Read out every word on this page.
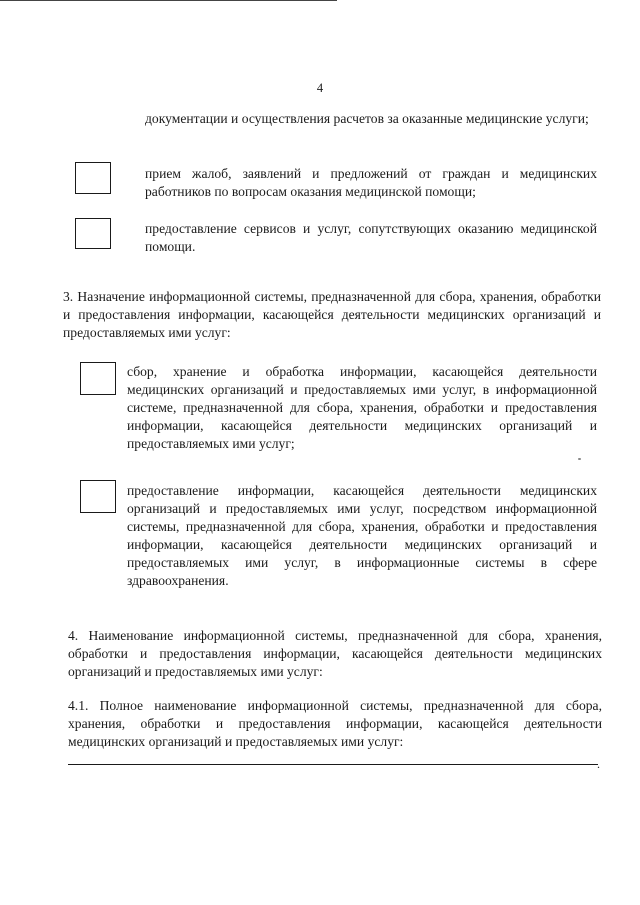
4
документации и осуществления расчетов за оказанные медицинские услуги;
прием жалоб, заявлений и предложений от граждан и медицинских работников по вопросам оказания медицинской помощи;
предоставление сервисов и услуг, сопутствующих оказанию медицинской помощи.
3. Назначение информационной системы, предназначенной для сбора, хранения, обработки и предоставления информации, касающейся деятельности медицинских организаций и предоставляемых ими услуг:
сбор, хранение и обработка информации, касающейся деятельности медицинских организаций и предоставляемых ими услуг, в информационной системе, предназначенной для сбора, хранения, обработки и предоставления информации, касающейся деятельности медицинских организаций и предоставляемых ими услуг;
предоставление информации, касающейся деятельности медицинских организаций и предоставляемых ими услуг, посредством информационной системы, предназначенной для сбора, хранения, обработки и предоставления информации, касающейся деятельности медицинских организаций и предоставляемых ими услуг, в информационные системы в сфере здравоохранения.
4. Наименование информационной системы, предназначенной для сбора, хранения, обработки и предоставления информации, касающейся деятельности медицинских организаций и предоставляемых ими услуг:
4.1. Полное наименование информационной системы, предназначенной для сбора, хранения, обработки и предоставления информации, касающейся деятельности медицинских организаций и предоставляемых ими услуг:
.
